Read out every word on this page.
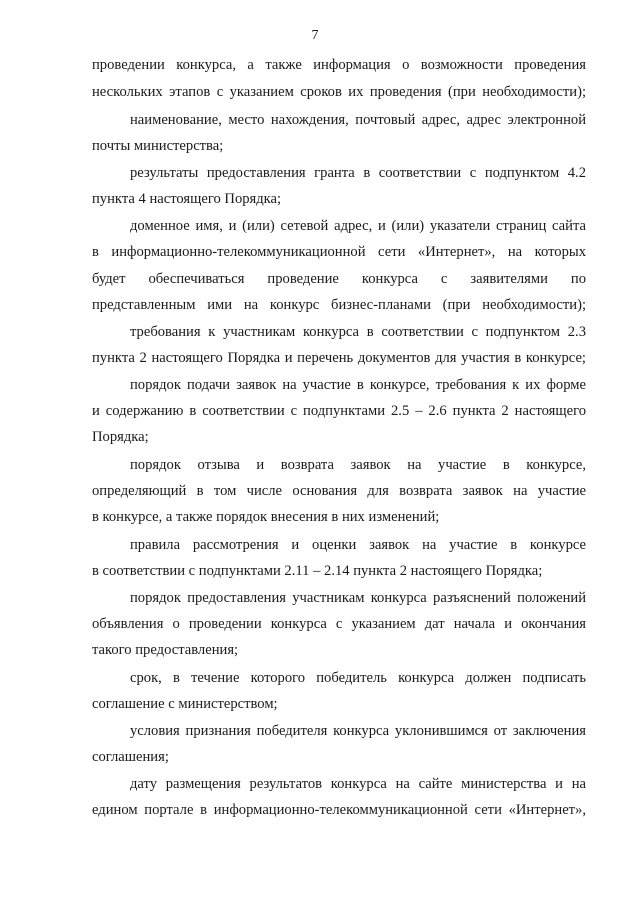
7
проведении конкурса, а также информация о возможности проведения
нескольких этапов с указанием сроков их проведения (при необходимости);
наименование, место нахождения, почтовый адрес, адрес электронной
почты министерства;
результаты предоставления гранта в соответствии с подпунктом 4.2
пункта 4 настоящего Порядка;
доменное имя, и (или) сетевой адрес, и (или) указатели страниц сайта
в информационно-телекоммуникационной сети «Интернет», на которых
будет обеспечиваться проведение конкурса с заявителями по
представленным ими на конкурс бизнес-планами (при необходимости);
требования к участникам конкурса в соответствии с подпунктом 2.3
пункта 2 настоящего Порядка и перечень документов для участия в конкурсе;
порядок подачи заявок на участие в конкурсе, требования к их форме
и содержанию в соответствии с подпунктами 2.5 – 2.6 пункта 2 настоящего
Порядка;
порядок отзыва и возврата заявок на участие в конкурсе,
определяющий в том числе основания для возврата заявок на участие
в конкурсе, а также порядок внесения в них изменений;
правила рассмотрения и оценки заявок на участие в конкурсе
в соответствии с подпунктами 2.11 – 2.14 пункта 2 настоящего Порядка;
порядок предоставления участникам конкурса разъяснений положений
объявления о проведении конкурса с указанием дат начала и окончания
такого предоставления;
срок, в течение которого победитель конкурса должен подписать
соглашение с министерством;
условия признания победителя конкурса уклонившимся от заключения
соглашения;
дату размещения результатов конкурса на сайте министерства и на
едином портале в информационно-телекоммуникационной сети «Интернет»,
